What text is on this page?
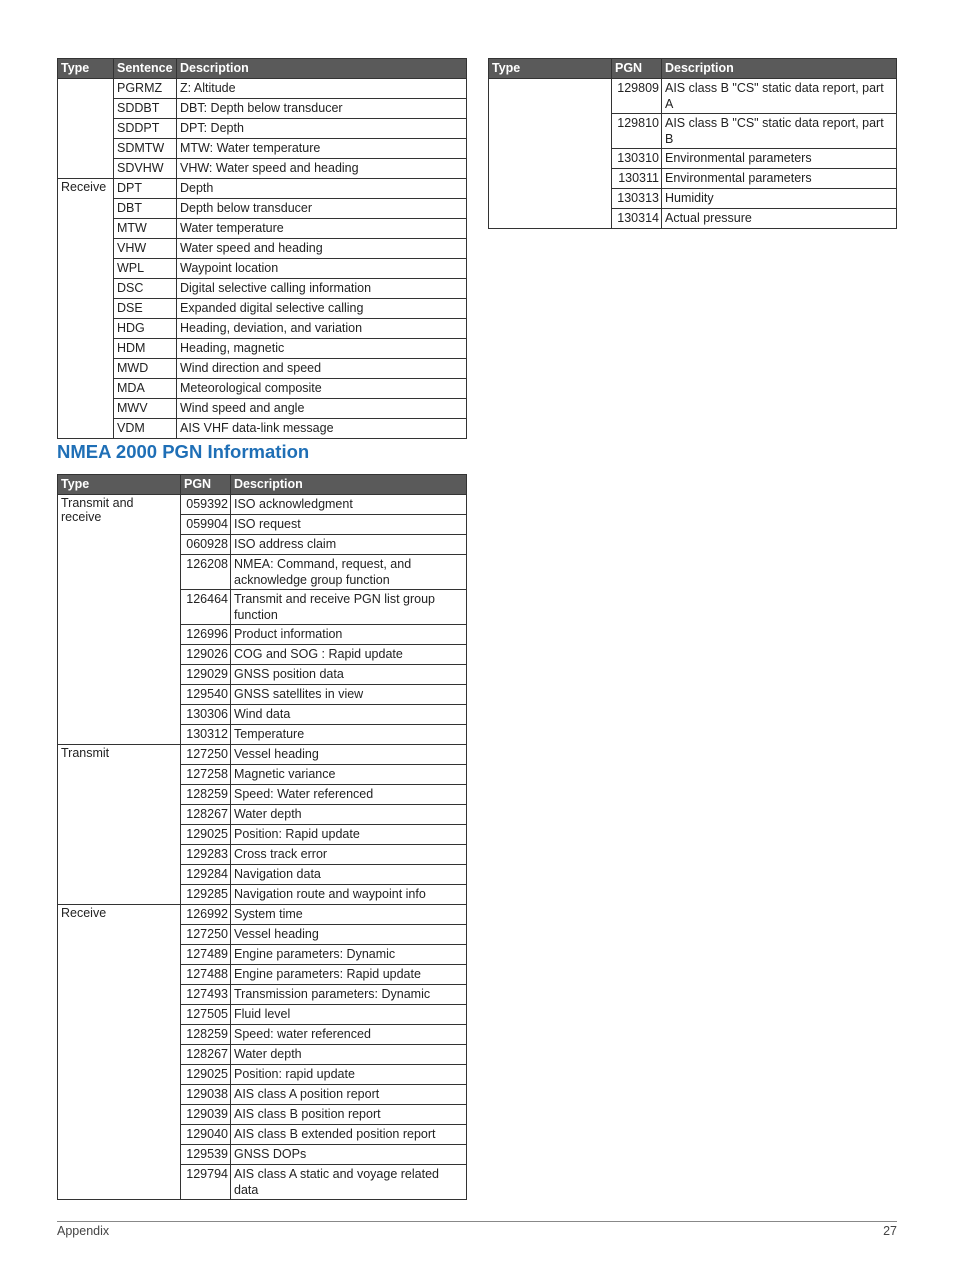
Type	Sentence	Description
	PGRMZ	Z: Altitude
	SDDBT	DBT: Depth below transducer
	SDDPT	DPT: Depth
	SDMTW	MTW: Water temperature
	SDVHW	VHW: Water speed and heading
Receive	DPT	Depth
	DBT	Depth below transducer
	MTW	Water temperature
	VHW	Water speed and heading
	WPL	Waypoint location
	DSC	Digital selective calling information
	DSE	Expanded digital selective calling
	HDG	Heading, deviation, and variation
	HDM	Heading, magnetic
	MWD	Wind direction and speed
	MDA	Meteorological composite
	MWV	Wind speed and angle
	VDM	AIS VHF data-link message
Type	PGN	Description
	129809	AIS class B "CS" static data report, part A
	129810	AIS class B "CS" static data report, part B
	130310	Environmental parameters
	130311	Environmental parameters
	130313	Humidity
	130314	Actual pressure
NMEA 2000 PGN Information
Type	PGN	Description
Transmit and receive	059392	ISO acknowledgment
	059904	ISO request
	060928	ISO address claim
	126208	NMEA: Command, request, and acknowledge group function
	126464	Transmit and receive PGN list group function
	126996	Product information
	129026	COG and SOG : Rapid update
	129029	GNSS position data
	129540	GNSS satellites in view
	130306	Wind data
	130312	Temperature
Transmit	127250	Vessel heading
	127258	Magnetic variance
	128259	Speed: Water referenced
	128267	Water depth
	129025	Position: Rapid update
	129283	Cross track error
	129284	Navigation data
	129285	Navigation route and waypoint info
Receive	126992	System time
	127250	Vessel heading
	127489	Engine parameters: Dynamic
	127488	Engine parameters: Rapid update
	127493	Transmission parameters: Dynamic
	127505	Fluid level
	128259	Speed: water referenced
	128267	Water depth
	129025	Position: rapid update
	129038	AIS class A position report
	129039	AIS class B position report
	129040	AIS class B extended position report
	129539	GNSS DOPs
	129794	AIS class A static and voyage related data
Appendix	27
